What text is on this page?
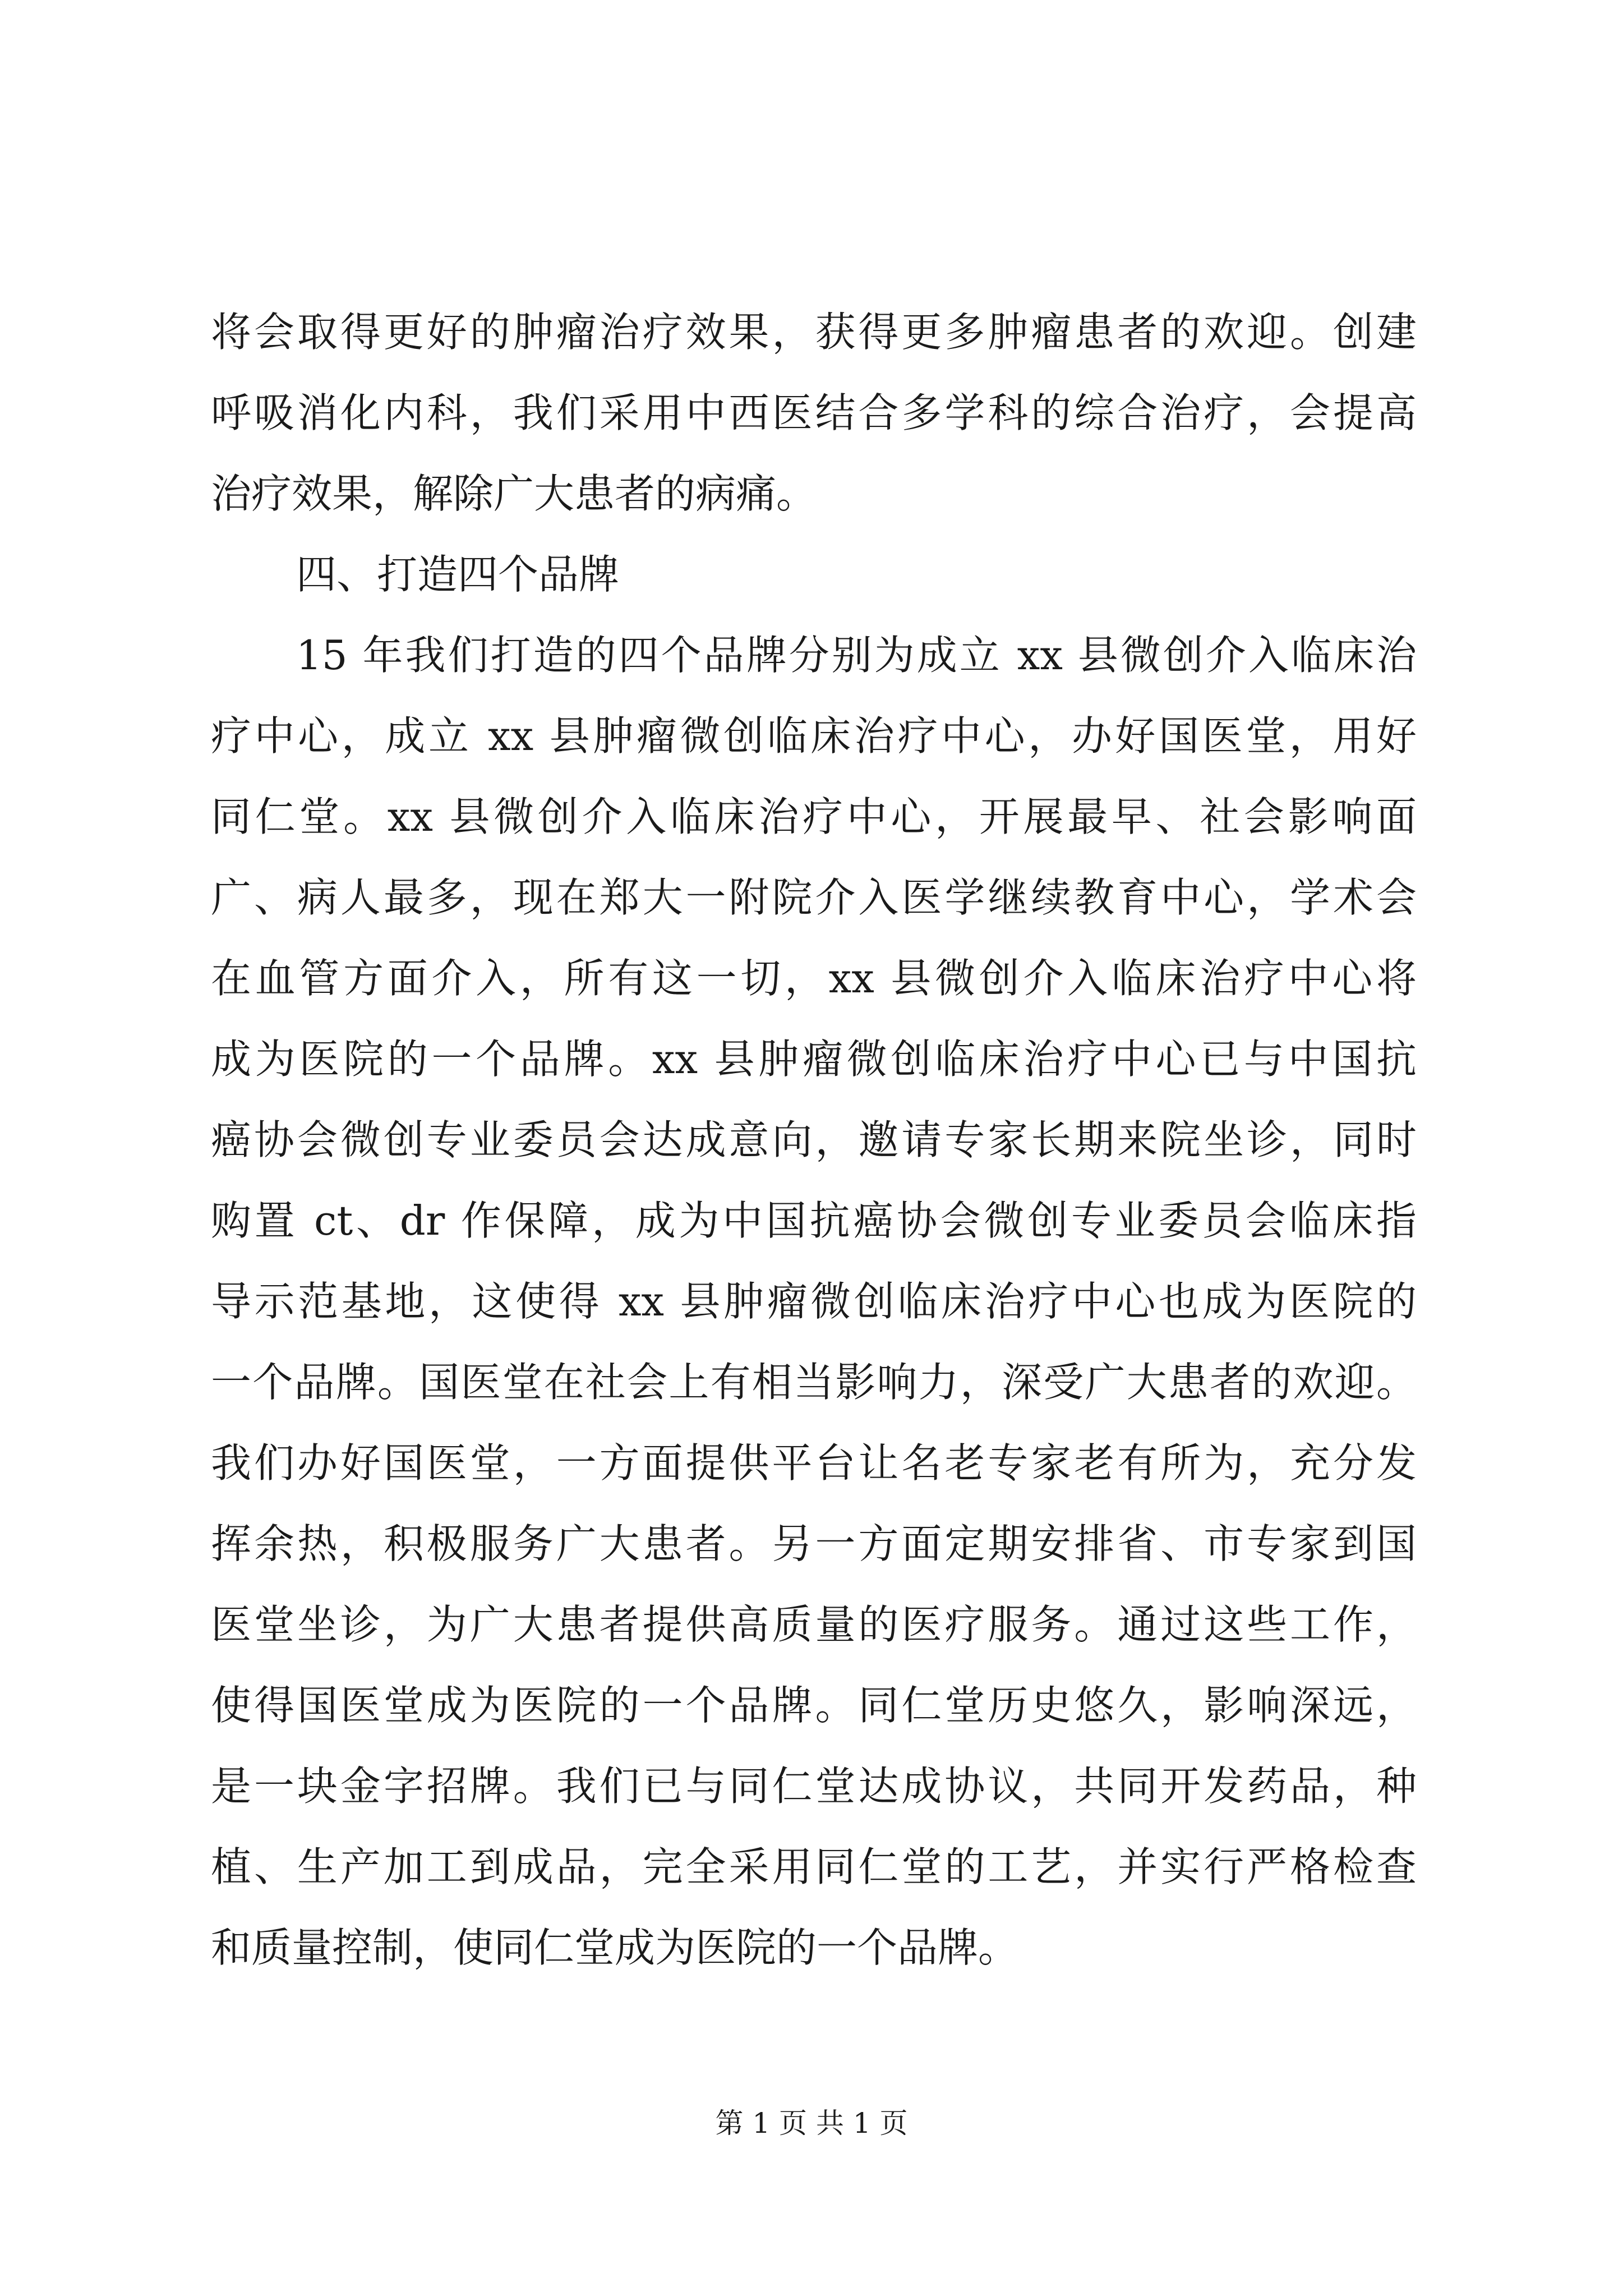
将会取得更好的肿瘤治疗效果，获得更多肿瘤患者的欢迎。创建
呼吸消化内科，我们采用中西医结合多学科的综合治疗，会提高
治疗效果，解除广大患者的病痛。
四、打造四个品牌
15 年我们打造的四个品牌分别为成立 xx 县微创介入临床治
疗中心，成立 xx 县肿瘤微创临床治疗中心，办好国医堂，用好
同仁堂。xx 县微创介入临床治疗中心，开展最早、社会影响面
广、病人最多，现在郑大一附院介入医学继续教育中心，学术会
在血管方面介入，所有这一切，xx 县微创介入临床治疗中心将
成为医院的一个品牌。xx 县肿瘤微创临床治疗中心已与中国抗
癌协会微创专业委员会达成意向，邀请专家长期来院坐诊，同时
购置 ct、dr 作保障，成为中国抗癌协会微创专业委员会临床指
导示范基地，这使得 xx 县肿瘤微创临床治疗中心也成为医院的
一个品牌。国医堂在社会上有相当影响力，深受广大患者的欢迎。
我们办好国医堂，一方面提供平台让名老专家老有所为，充分发
挥余热，积极服务广大患者。另一方面定期安排省、市专家到国
医堂坐诊，为广大患者提供高质量的医疗服务。通过这些工作，
使得国医堂成为医院的一个品牌。同仁堂历史悠久，影响深远，
是一块金字招牌。我们已与同仁堂达成协议，共同开发药品，种
植、生产加工到成品，完全采用同仁堂的工艺，并实行严格检查
和质量控制，使同仁堂成为医院的一个品牌。
第 1 页 共 1 页
